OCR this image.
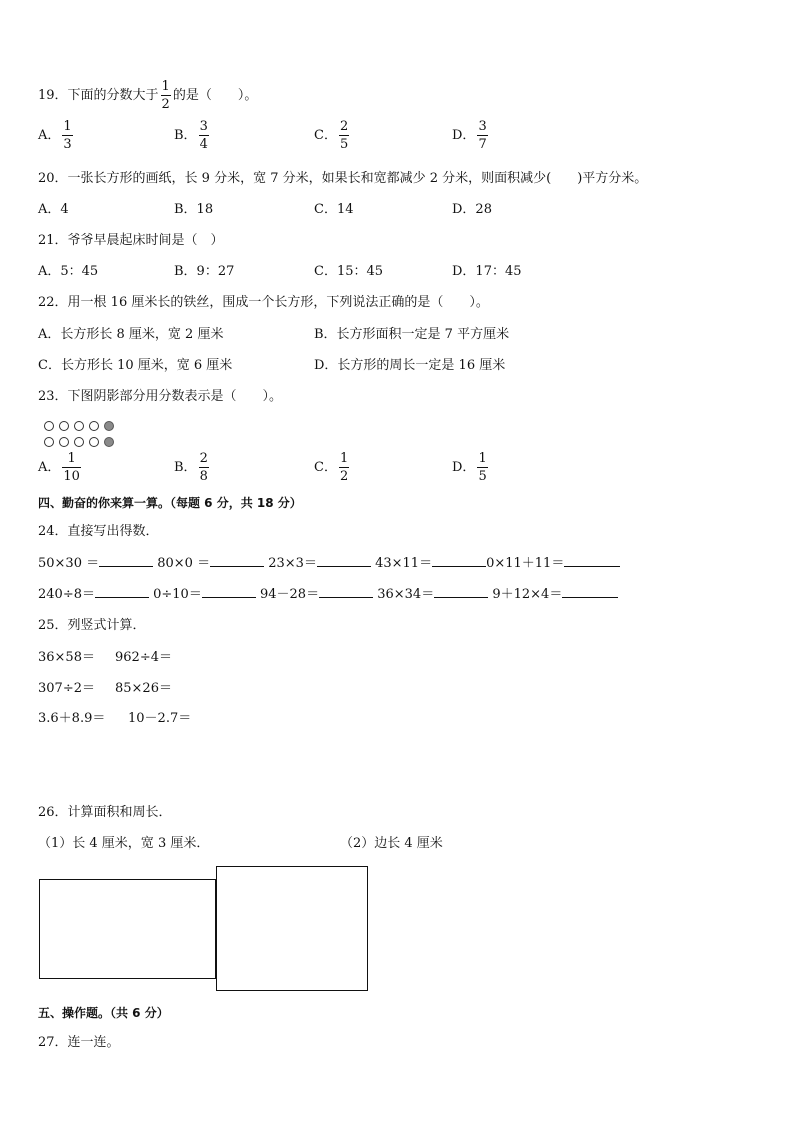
19．下面的分数大于 $\frac{1}{2}$ 的是（　　）。
A． $\frac{1}{3}$	B． $\frac{3}{4}$	C． $\frac{2}{5}$	D． $\frac{3}{7}$
20．一张长方形的画纸，长 9 分米，宽 7 分米，如果长和宽都减少 2 分米，则面积减少(　　)平方分米。
A．4	B．18	C．14	D．28
21．爷爷早晨起床时间是（　）
A．5：45	B．9：27	C．15：45	D．17：45
22．用一根 16 厘米长的铁丝，围成一个长方形，下列说法正确的是（　　）。
A．长方形长 8 厘米，宽 2 厘米	B．长方形面积一定是 7 平方厘米
C．长方形长 10 厘米，宽 6 厘米	D．长方形的周长一定是 16 厘米
23．下图阴影部分用分数表示是（　　）。
A． $\frac{1}{10}$	B． $\frac{2}{8}$	C． $\frac{1}{2}$	D． $\frac{1}{5}$
四、勤奋的你来算一算。（每题 6 分，共 18 分）
24．直接写出得数．
50×30 ＝	80×0 ＝	23×3＝	43×11＝	0×11＋11＝
240÷8＝	0÷10＝	94－28＝	36×34＝	9＋12×4＝
25．列竖式计算．
36×58＝ 962÷4＝
307÷2＝ 85×26＝
3.6＋8.9＝ 10－2.7＝
26．计算面积和周长．
（1）长 4 厘米，宽 3 厘米．	（2）边长 4 厘米
五、操作题。（共 6 分）
27．连一连。
